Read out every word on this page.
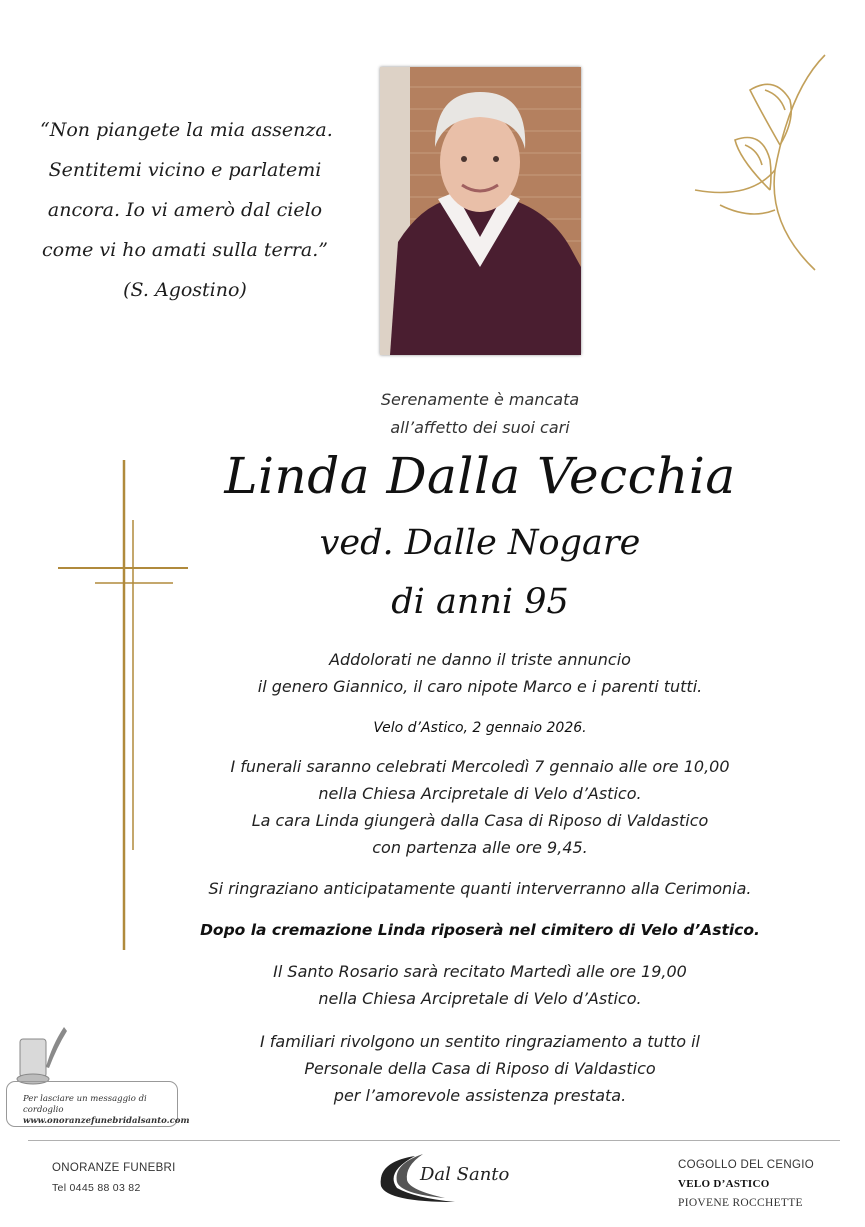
“Non piangete la mia assenza.
Sentitemi vicino e parlatemi
ancora. Io vi amerò dal cielo
come vi ho amati sulla terra.”
(S. Agostino)
Serenamente è mancata
all’affetto dei suoi cari
Linda Dalla Vecchia
ved. Dalle Nogare
di anni 95
Addolorati ne danno il triste annuncio
il genero Giannico, il caro nipote Marco e i parenti tutti.
Velo d’Astico, 2 gennaio 2026.
I funerali saranno celebrati Mercoledì 7 gennaio alle ore 10,00
nella Chiesa Arcipretale di Velo d’Astico.
La cara Linda giungerà dalla Casa di Riposo di Valdastico
con partenza alle ore 9,45.
Si ringraziano anticipatamente quanti interverranno alla Cerimonia.
Dopo la cremazione Linda riposerà nel cimitero di Velo d’Astico.
Il Santo Rosario sarà recitato Martedì alle ore 19,00
nella Chiesa Arcipretale di Velo d’Astico.
I familiari rivolgono un sentito ringraziamento a tutto il
Personale della Casa di Riposo di Valdastico
per l’amorevole assistenza prestata.
Per lasciare un messaggio di cordoglio
www.onoranzefunebridalsanto.com
ONORANZE FUNEBRI
Tel 0445 88 03 82
Dal Santo	COGOLLO DEL CENGIO
VELO D’ASTICO
PIOVENE ROCCHETTE
